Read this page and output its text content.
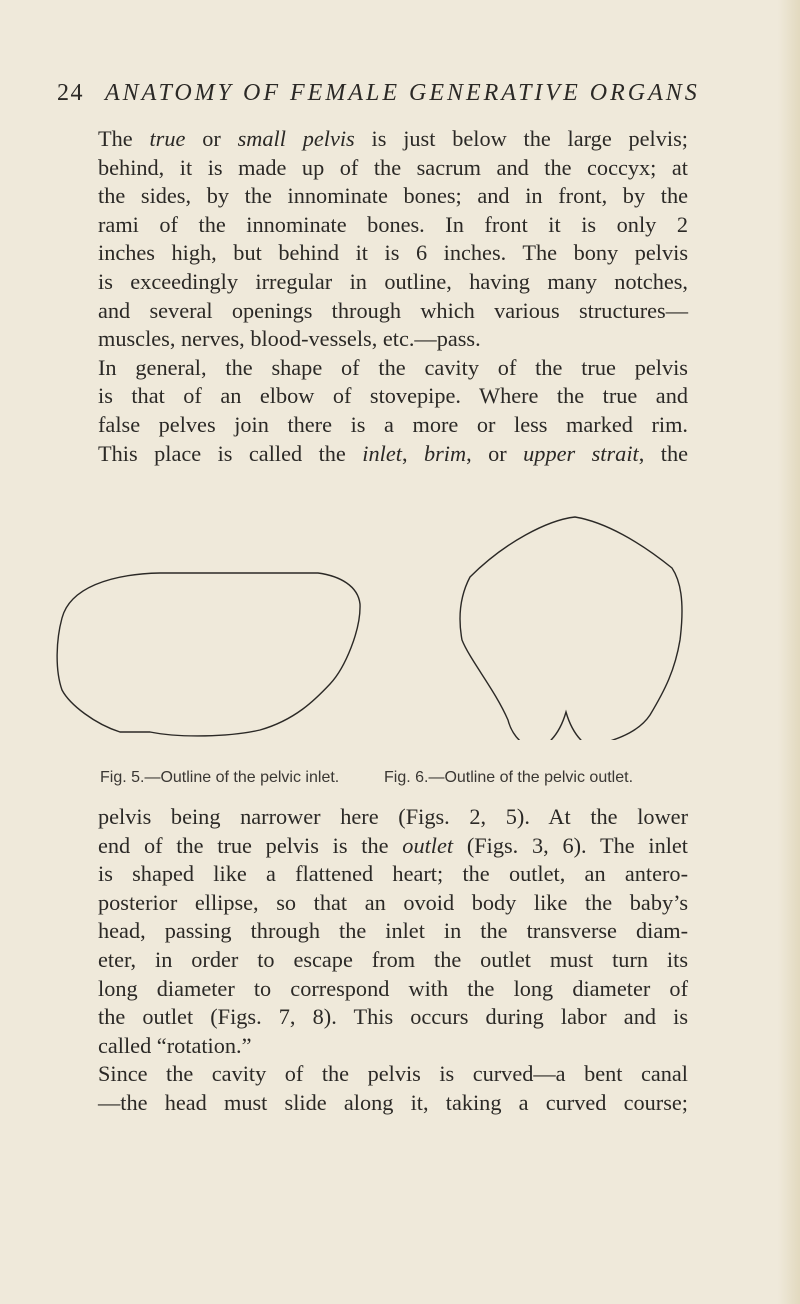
24 ANATOMY OF FEMALE GENERATIVE ORGANS
The true or small pelvis is just below the large pelvis;
behind, it is made up of the sacrum and the coccyx; at
the sides, by the innominate bones; and in front, by the
rami of the innominate bones. In front it is only 2
inches high, but behind it is 6 inches. The bony pelvis
is exceedingly irregular in outline, having many notches,
and several openings through which various structures—
muscles, nerves, blood-vessels, etc.—pass.
In general, the shape of the cavity of the true pelvis
is that of an elbow of stovepipe. Where the true and
false pelves join there is a more or less marked rim.
This place is called the inlet, brim, or upper strait, the
Fig. 5.—Outline of the pelvic inlet.	Fig. 6.—Outline of the pelvic outlet.
pelvis being narrower here (Figs. 2, 5). At the lower
end of the true pelvis is the outlet (Figs. 3, 6). The inlet
is shaped like a flattened heart; the outlet, an antero-
posterior ellipse, so that an ovoid body like the baby’s
head, passing through the inlet in the transverse diam-
eter, in order to escape from the outlet must turn its
long diameter to correspond with the long diameter of
the outlet (Figs. 7, 8). This occurs during labor and is
called “rotation.”
Since the cavity of the pelvis is curved—a bent canal
—the head must slide along it, taking a curved course;
